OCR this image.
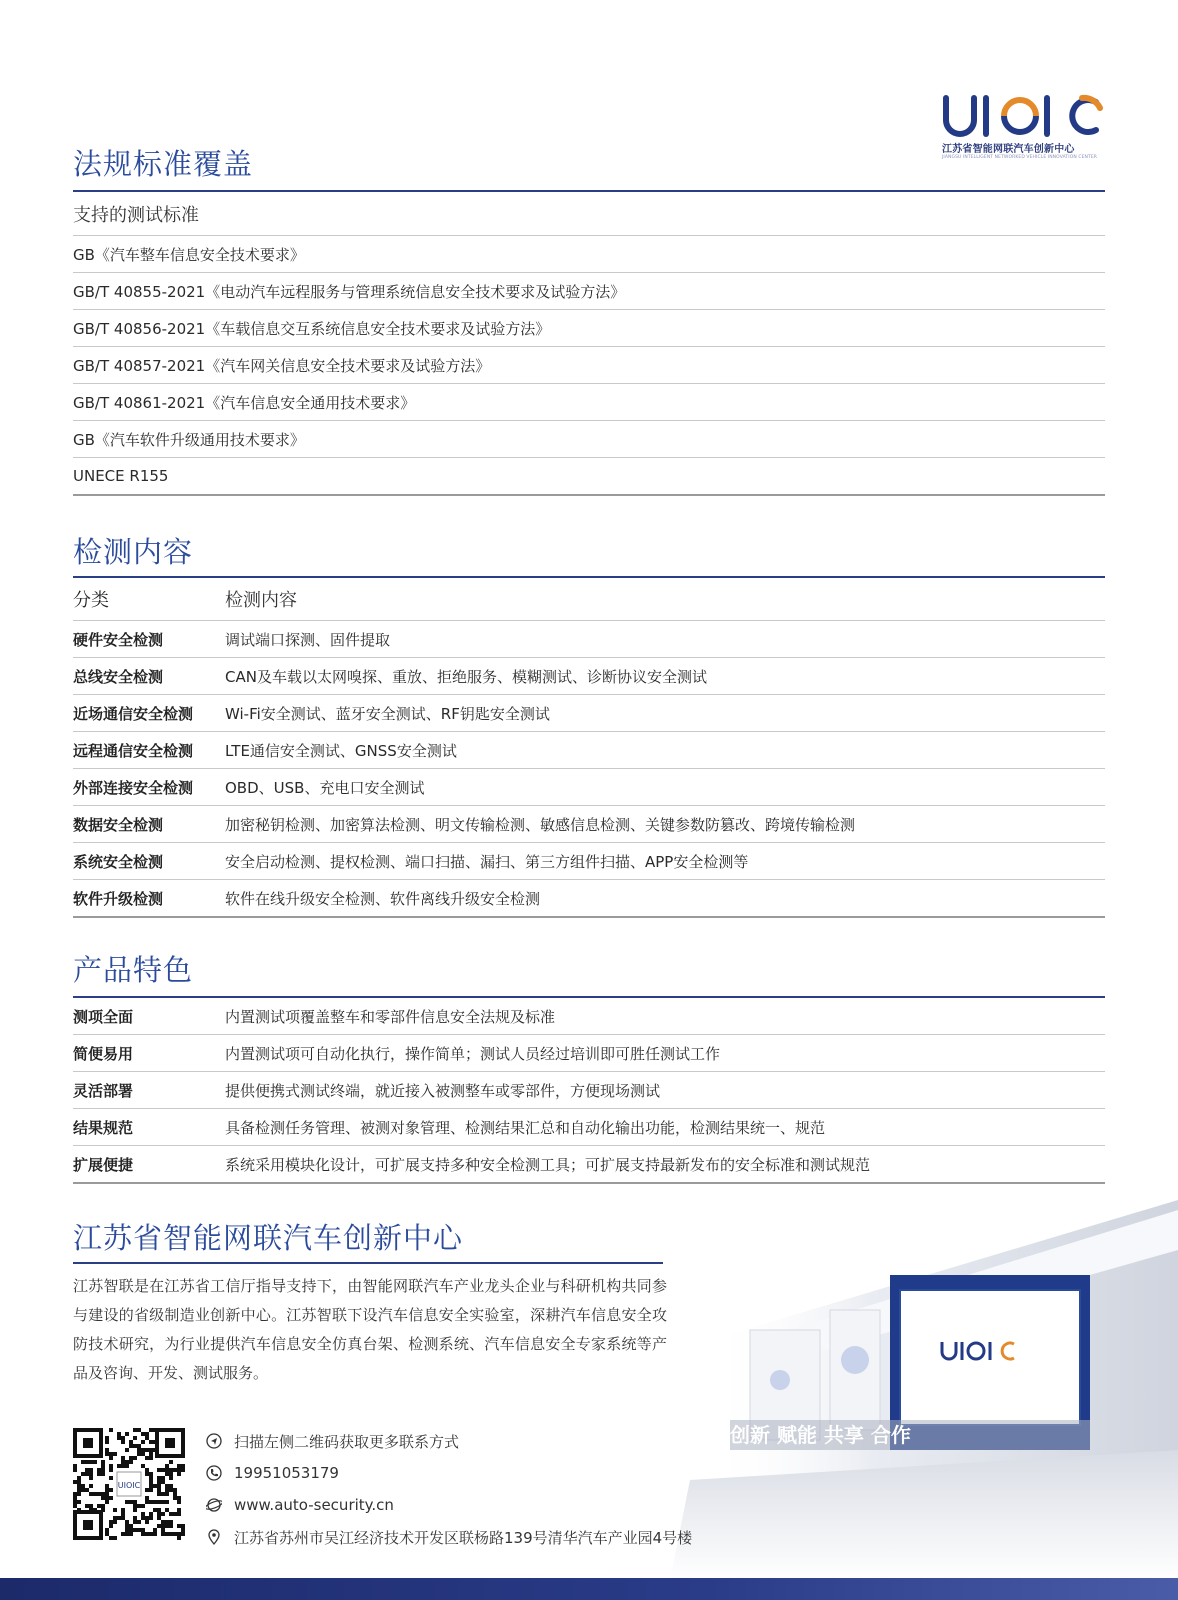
江苏省智能网联汽车创新中心
JIANGSU INTELLIGENT NETWORKED VEHICLE INNOVATION CENTER
法规标准覆盖
支持的测试标准
GB《汽车整车信息安全技术要求》
GB/T 40855-2021《电动汽车远程服务与管理系统信息安全技术要求及试验方法》
GB/T 40856-2021《车载信息交互系统信息安全技术要求及试验方法》
GB/T 40857-2021《汽车网关信息安全技术要求及试验方法》
GB/T 40861-2021《汽车信息安全通用技术要求》
GB《汽车软件升级通用技术要求》
UNECE R155
检测内容
分类	检测内容
硬件安全检测	调试端口探测、固件提取
总线安全检测	CAN及车载以太网嗅探、重放、拒绝服务、模糊测试、诊断协议安全测试
近场通信安全检测	Wi-Fi安全测试、蓝牙安全测试、RF钥匙安全测试
远程通信安全检测	LTE通信安全测试、GNSS安全测试
外部连接安全检测	OBD、USB、充电口安全测试
数据安全检测	加密秘钥检测、加密算法检测、明文传输检测、敏感信息检测、关键参数防篡改、跨境传输检测
系统安全检测	安全启动检测、提权检测、端口扫描、漏扫、第三方组件扫描、APP安全检测等
软件升级检测	软件在线升级安全检测、软件离线升级安全检测
产品特色
测项全面	内置测试项覆盖整车和零部件信息安全法规及标准
简便易用	内置测试项可自动化执行，操作简单；测试人员经过培训即可胜任测试工作
灵活部署	提供便携式测试终端，就近接入被测整车或零部件，方便现场测试
结果规范	具备检测任务管理、被测对象管理、检测结果汇总和自动化输出功能，检测结果统一、规范
扩展便捷	系统采用模块化设计，可扩展支持多种安全检测工具；可扩展支持最新发布的安全标准和测试规范
创新 赋能 共享 合作
江苏省智能网联汽车创新中心
江苏智联是在江苏省工信厅指导支持下，由智能网联汽车产业龙头企业与科研机构共同参与建设的省级制造业创新中心。江苏智联下设汽车信息安全实验室，深耕汽车信息安全攻防技术研究，为行业提供汽车信息安全仿真台架、检测系统、汽车信息安全专家系统等产品及咨询、开发、测试服务。
UIOIC
扫描左侧二维码获取更多联系方式
19951053179
www.auto-security.cn
江苏省苏州市吴江经济技术开发区联杨路139号清华汽车产业园4号楼
